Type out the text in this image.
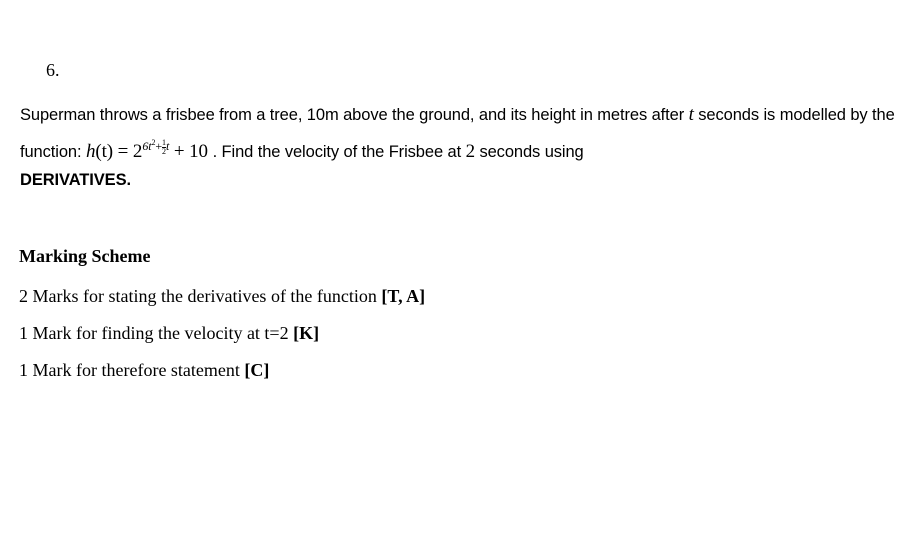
6.
Superman throws a frisbee from a tree, 10m above the ground, and its height in metres after t seconds is modelled by the function: $h(t) = 2^{6t^2+ \frac{1}{2} t} + 10$ . Find the velocity of the Frisbee at 2 seconds using
DERIVATIVES.
Marking Scheme
2 Marks for stating the derivatives of the function [T, A]
1 Mark for finding the velocity at t=2 [K]
1 Mark for therefore statement [C]
